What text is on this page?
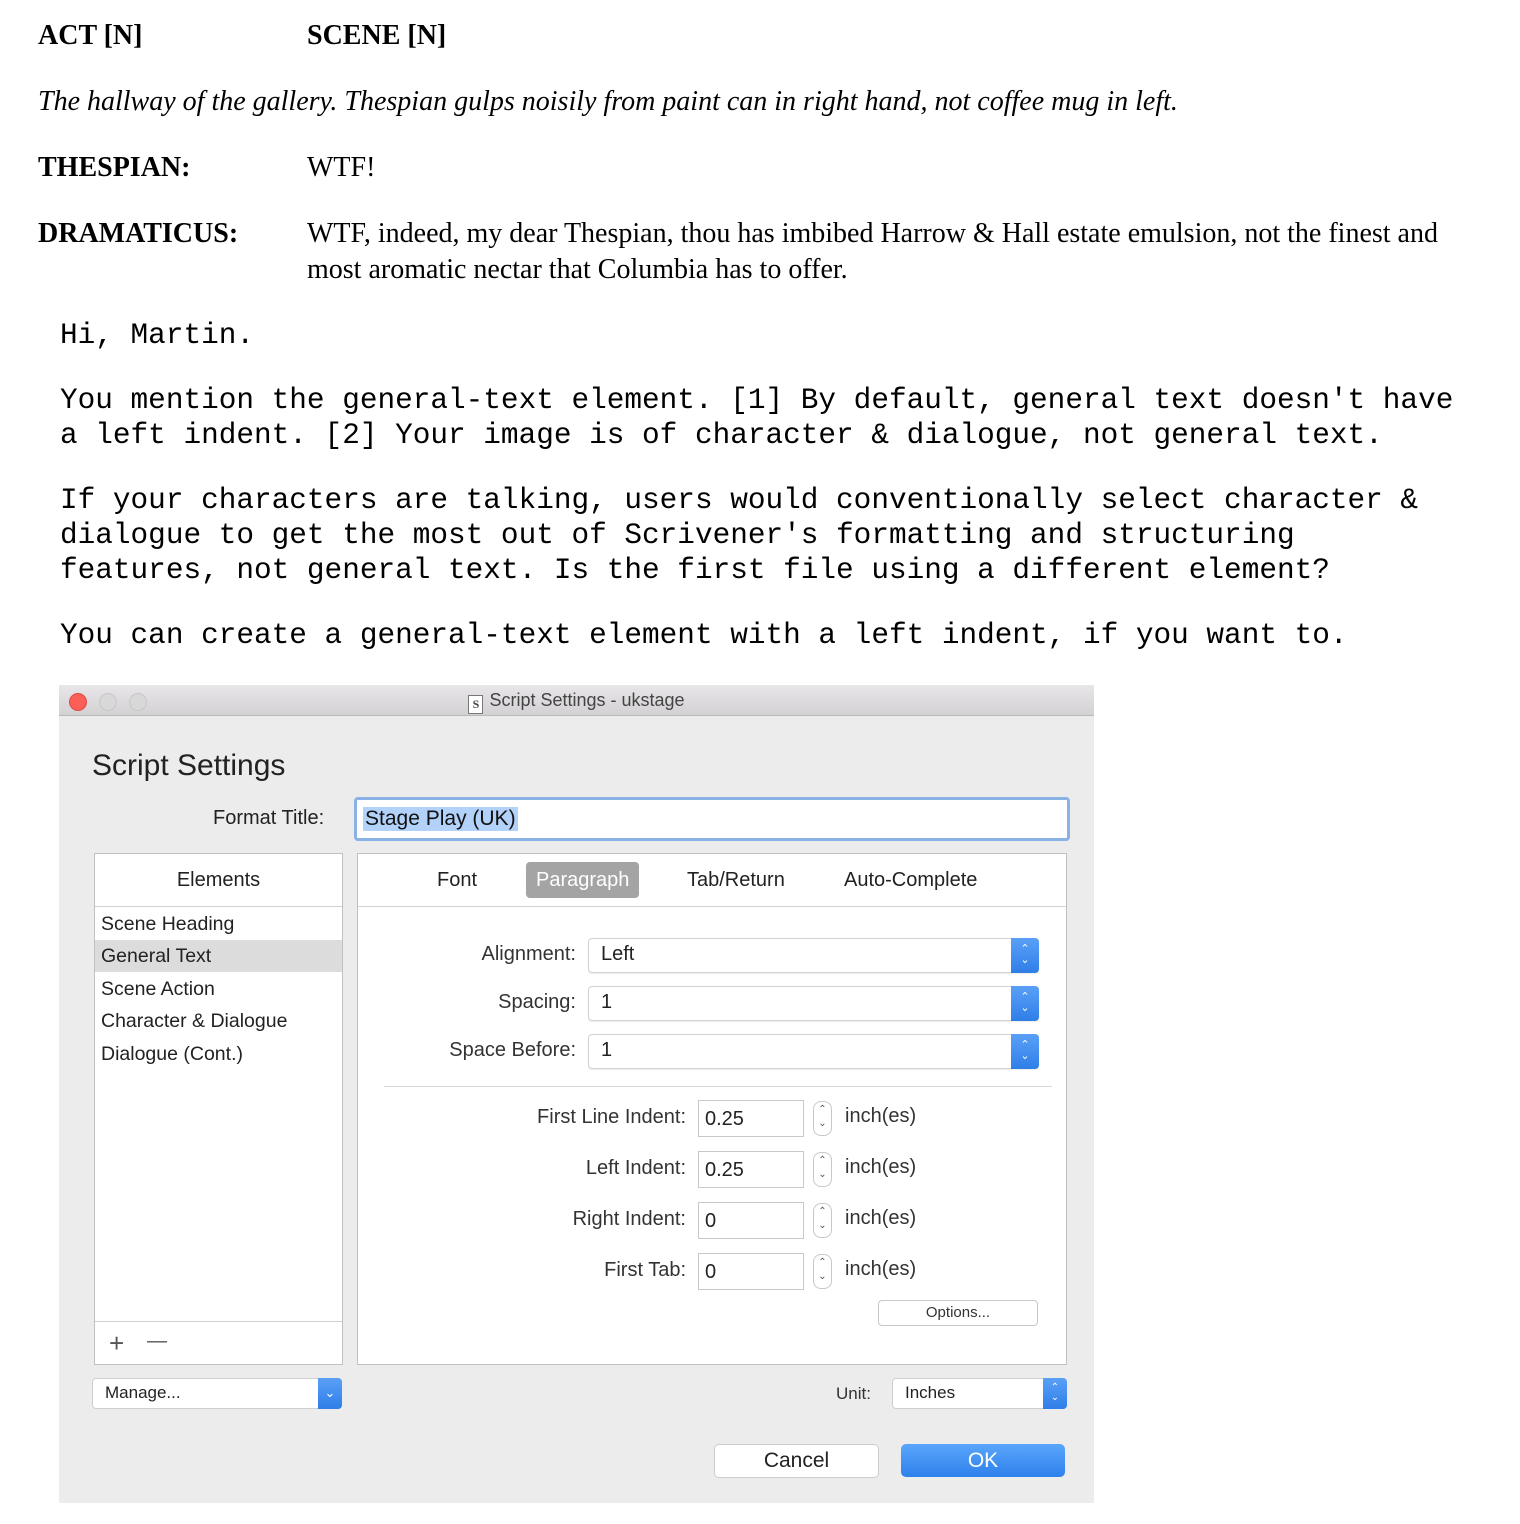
ACT [N]	SCENE [N]
The hallway of the gallery. Thespian gulps noisily from paint can in right hand, not coffee mug in left.
THESPIAN:	WTF!
DRAMATICUS: WTF, indeed, my dear Thespian, thou has imbibed Harrow & Hall estate emulsion, not the finest and most aromatic nectar that Columbia has to offer.
Hi, Martin.
You mention the general-text element. [1] By default, general text doesn't have
a left indent. [2] Your image is of character & dialogue, not general text.
If your characters are talking, users would conventionally select character &
dialogue to get the most out of Scrivener's formatting and structuring
features, not general text. Is the first file using a different element?
You can create a general-text element with a left indent, if you want to.
S Script Settings - ukstage
Script Settings
Format Title: Stage Play (UK)
Elements
Scene Heading
General Text
Scene Action
Character & Dialogue
Dialogue (Cont.)
+ —
Font	Paragraph	Tab/Return	Auto-Complete
Alignment: Left	⌃
⌄
Spacing: 1	⌃
⌄
Space Before: 1	⌃
⌄
First Line Indent: 0.25	⌃
⌄ inch(es)
Left Indent: 0.25	⌃
⌄ inch(es)
Right Indent: 0	⌃
⌄ inch(es)
First Tab: 0	⌃
⌄ inch(es)
Options...
Manage...	⌄	Unit: Inches	⌃
⌄
Cancel	OK
